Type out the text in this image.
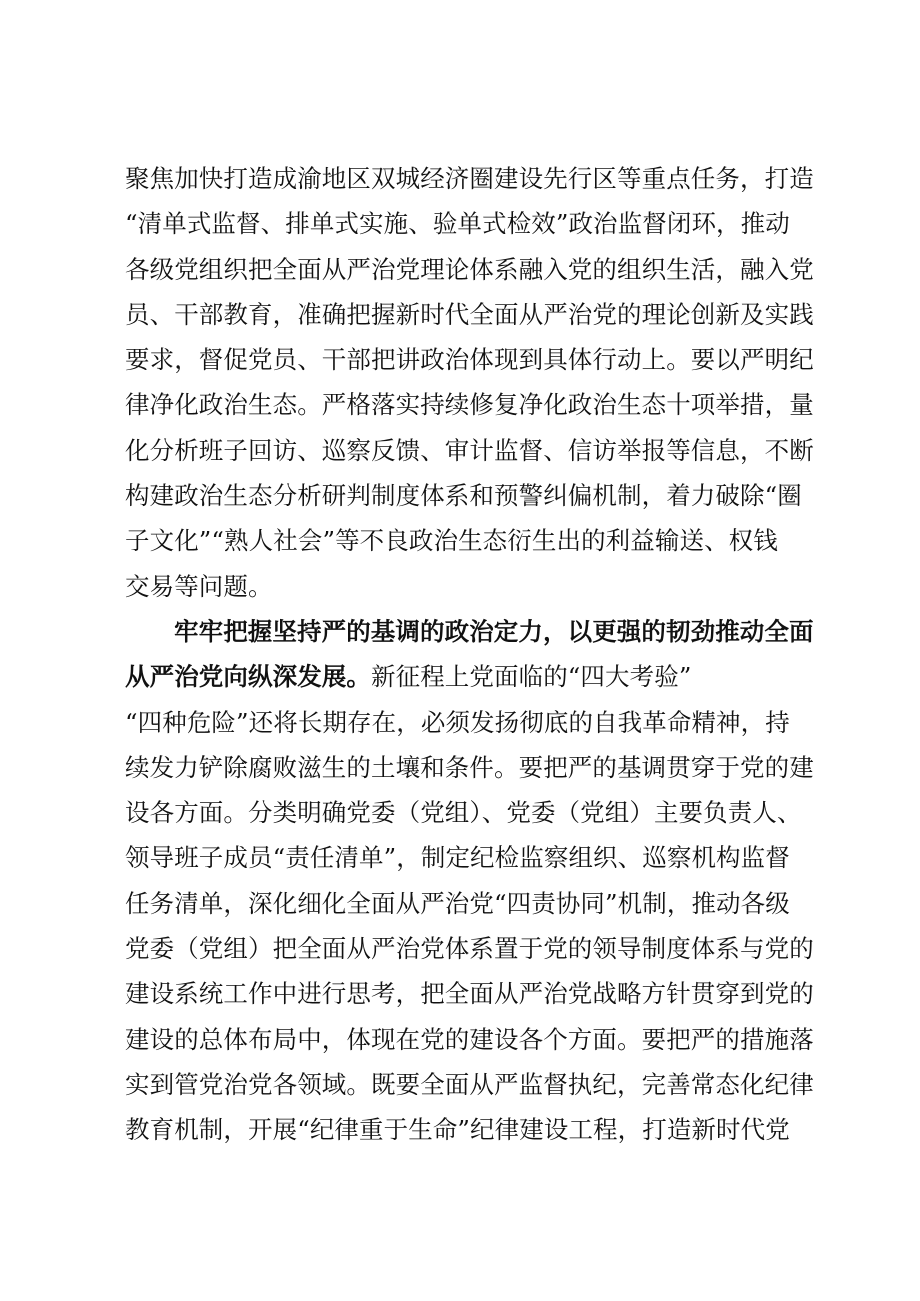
聚焦加快打造成渝地区双城经济圈建设先行区等重点任务，打造
“清单式监督、排单式实施、验单式检效”政治监督闭环，推动
各级党组织把全面从严治党理论体系融入党的组织生活，融入党
员、干部教育，准确把握新时代全面从严治党的理论创新及实践
要求，督促党员、干部把讲政治体现到具体行动上。要以严明纪
律净化政治生态。严格落实持续修复净化政治生态十项举措，量
化分析班子回访、巡察反馈、审计监督、信访举报等信息，不断
构建政治生态分析研判制度体系和预警纠偏机制，着力破除“圈
子文化”“熟人社会”等不良政治生态衍生出的利益输送、权钱
交易等问题。
牢牢把握坚持严的基调的政治定力，以更强的韧劲推动全面
从严治党向纵深发展。新征程上党面临的“四大考验”
“四种危险”还将长期存在，必须发扬彻底的自我革命精神，持
续发力铲除腐败滋生的土壤和条件。要把严的基调贯穿于党的建
设各方面。分类明确党委（党组）、党委（党组）主要负责人、
领导班子成员“责任清单”，制定纪检监察组织、巡察机构监督
任务清单，深化细化全面从严治党“四责协同”机制，推动各级
党委（党组）把全面从严治党体系置于党的领导制度体系与党的
建设系统工作中进行思考，把全面从严治党战略方针贯穿到党的
建设的总体布局中，体现在党的建设各个方面。要把严的措施落
实到管党治党各领域。既要全面从严监督执纪，完善常态化纪律
教育机制，开展“纪律重于生命”纪律建设工程，打造新时代党
